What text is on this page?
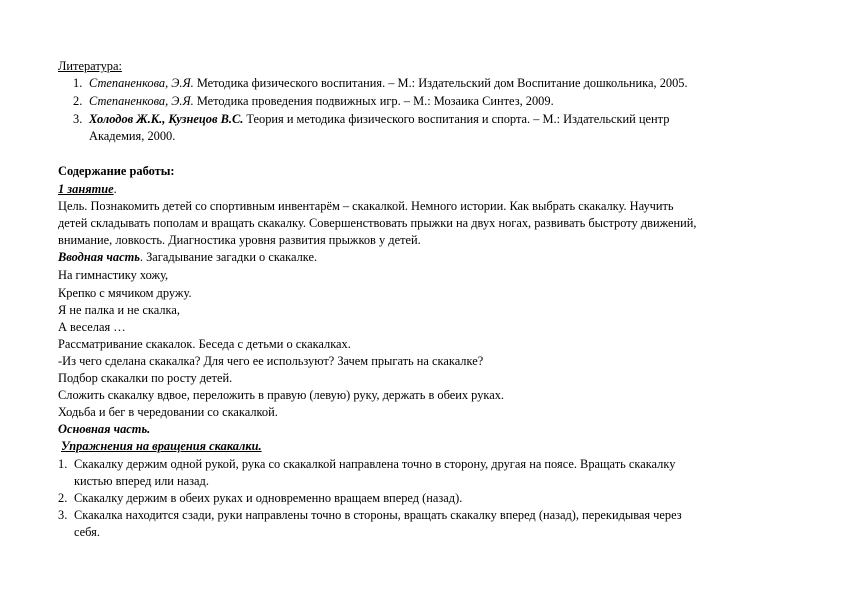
Литература:
1. Степаненкова, Э.Я. Методика физического воспитания. – М.: Издательский дом Воспитание дошкольника, 2005.
2. Степаненкова, Э.Я. Методика проведения подвижных игр. – М.: Мозаика Синтез, 2009.
3. Холодов Ж.К., Кузнецов В.С. Теория и методика физического воспитания и спорта. – М.: Издательский центр
Академия, 2000.
Содержание работы:
1 занятие.
Цель. Познакомить детей со спортивным инвентарём – скакалкой. Немного истории. Как выбрать скакалку. Научить
детей складывать пополам и вращать скакалку. Совершенствовать прыжки на двух ногах, развивать быстроту движений,
внимание, ловкость. Диагностика уровня развития прыжков у детей.
Вводная часть. Загадывание загадки о скакалке.
На гимнастику хожу,
Крепко с мячиком дружу.
Я не палка и не скалка,
А веселая …
Рассматривание скакалок. Беседа с детьми о скакалках.
-Из чего сделана скакалка? Для чего ее используют? Зачем прыгать на скакалке?
Подбор скакалки по росту детей.
Сложить скакалку вдвое, переложить в правую (левую) руку, держать в обеих руках.
Ходьба и бег в чередовании со скакалкой.
Основная часть.
Упражнения на вращения скакалки.
1. Скакалку держим одной рукой, рука со скакалкой направлена точно в сторону, другая на поясе. Вращать скакалку
кистью вперед или назад.
2. Скакалку держим в обеих руках и одновременно вращаем вперед (назад).
3. Скакалка находится сзади, руки направлены точно в стороны, вращать скакалку вперед (назад), перекидывая через
себя.
